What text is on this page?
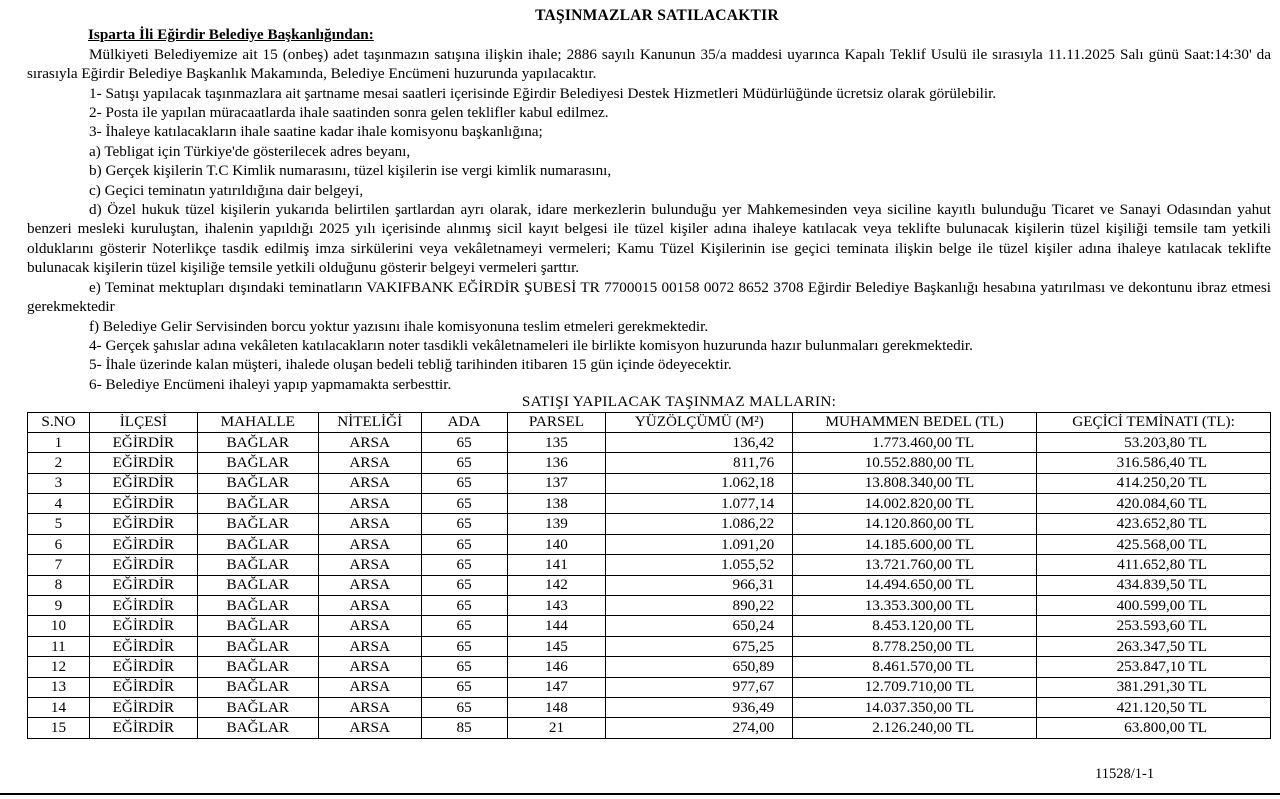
TAŞINMAZLAR SATILACAKTIR
Isparta İli Eğirdir Belediye Başkanlığından:
Mülkiyeti Belediyemize ait 15 (onbeş) adet taşınmazın satışına ilişkin ihale; 2886 sayılı Kanunun 35/a maddesi uyarınca Kapalı Teklif Usulü ile sırasıyla 11.11.2025 Salı günü Saat:14:30' da sırasıyla Eğirdir Belediye Başkanlık Makamında, Belediye Encümeni huzurunda yapılacaktır.
1- Satışı yapılacak taşınmazlara ait şartname mesai saatleri içerisinde Eğirdir Belediyesi Destek Hizmetleri Müdürlüğünde ücretsiz olarak görülebilir.
2- Posta ile yapılan müracaatlarda ihale saatinden sonra gelen teklifler kabul edilmez.
3- İhaleye katılacakların ihale saatine kadar ihale komisyonu başkanlığına;
a) Tebligat için Türkiye'de gösterilecek adres beyanı,
b) Gerçek kişilerin T.C Kimlik numarasını, tüzel kişilerin ise vergi kimlik numarasını,
c) Geçici teminatın yatırıldığına dair belgeyi,
d) Özel hukuk tüzel kişilerin yukarıda belirtilen şartlardan ayrı olarak, idare merkezlerin bulunduğu yer Mahkemesinden veya siciline kayıtlı bulunduğu Ticaret ve Sanayi Odasından yahut benzeri mesleki kuruluştan, ihalenin yapıldığı 2025 yılı içerisinde alınmış sicil kayıt belgesi ile tüzel kişiler adına ihaleye katılacak veya teklifte bulunacak kişilerin tüzel kişiliği temsile tam yetkili olduklarını gösterir Noterlikçe tasdik edilmiş imza sirkülerini veya vekâletnameyi vermeleri; Kamu Tüzel Kişilerinin ise geçici teminata ilişkin belge ile tüzel kişiler adına ihaleye katılacak teklifte bulunacak kişilerin tüzel kişiliğe temsile yetkili olduğunu gösterir belgeyi vermeleri şarttır.
e) Teminat mektupları dışındaki teminatların VAKIFBANK EĞİRDİR ŞUBESİ TR 7700015 00158 0072 8652 3708 Eğirdir Belediye Başkanlığı hesabına yatırılması ve dekontunu ibraz etmesi gerekmektedir
f) Belediye Gelir Servisinden borcu yoktur yazısını ihale komisyonuna teslim etmeleri gerekmektedir.
4- Gerçek şahıslar adına vekâleten katılacakların noter tasdikli vekâletnameleri ile birlikte komisyon huzurunda hazır bulunmaları gerekmektedir.
5- İhale üzerinde kalan müşteri, ihalede oluşan bedeli tebliğ tarihinden itibaren 15 gün içinde ödeyecektir.
6- Belediye Encümeni ihaleyi yapıp yapmamakta serbesttir.
SATIŞI YAPILACAK TAŞINMAZ MALLARIN:
S.NO	İLÇESİ	MAHALLE	NİTELİĞİ	ADA	PARSEL	YÜZÖLÇÜMÜ (M²)	MUHAMMEN BEDEL (TL)	GEÇİCİ TEMİNATI (TL):
1	EĞİRDİR	BAĞLAR	ARSA	65	135	136,42	1.773.460,00 TL	53.203,80 TL
2	EĞİRDİR	BAĞLAR	ARSA	65	136	811,76	10.552.880,00 TL	316.586,40 TL
3	EĞİRDİR	BAĞLAR	ARSA	65	137	1.062,18	13.808.340,00 TL	414.250,20 TL
4	EĞİRDİR	BAĞLAR	ARSA	65	138	1.077,14	14.002.820,00 TL	420.084,60 TL
5	EĞİRDİR	BAĞLAR	ARSA	65	139	1.086,22	14.120.860,00 TL	423.652,80 TL
6	EĞİRDİR	BAĞLAR	ARSA	65	140	1.091,20	14.185.600,00 TL	425.568,00 TL
7	EĞİRDİR	BAĞLAR	ARSA	65	141	1.055,52	13.721.760,00 TL	411.652,80 TL
8	EĞİRDİR	BAĞLAR	ARSA	65	142	966,31	14.494.650,00 TL	434.839,50 TL
9	EĞİRDİR	BAĞLAR	ARSA	65	143	890,22	13.353.300,00 TL	400.599,00 TL
10	EĞİRDİR	BAĞLAR	ARSA	65	144	650,24	8.453.120,00 TL	253.593,60 TL
11	EĞİRDİR	BAĞLAR	ARSA	65	145	675,25	8.778.250,00 TL	263.347,50 TL
12	EĞİRDİR	BAĞLAR	ARSA	65	146	650,89	8.461.570,00 TL	253.847,10 TL
13	EĞİRDİR	BAĞLAR	ARSA	65	147	977,67	12.709.710,00 TL	381.291,30 TL
14	EĞİRDİR	BAĞLAR	ARSA	65	148	936,49	14.037.350,00 TL	421.120,50 TL
15	EĞİRDİR	BAĞLAR	ARSA	85	21	274,00	2.126.240,00 TL	63.800,00 TL
11528/1-1
